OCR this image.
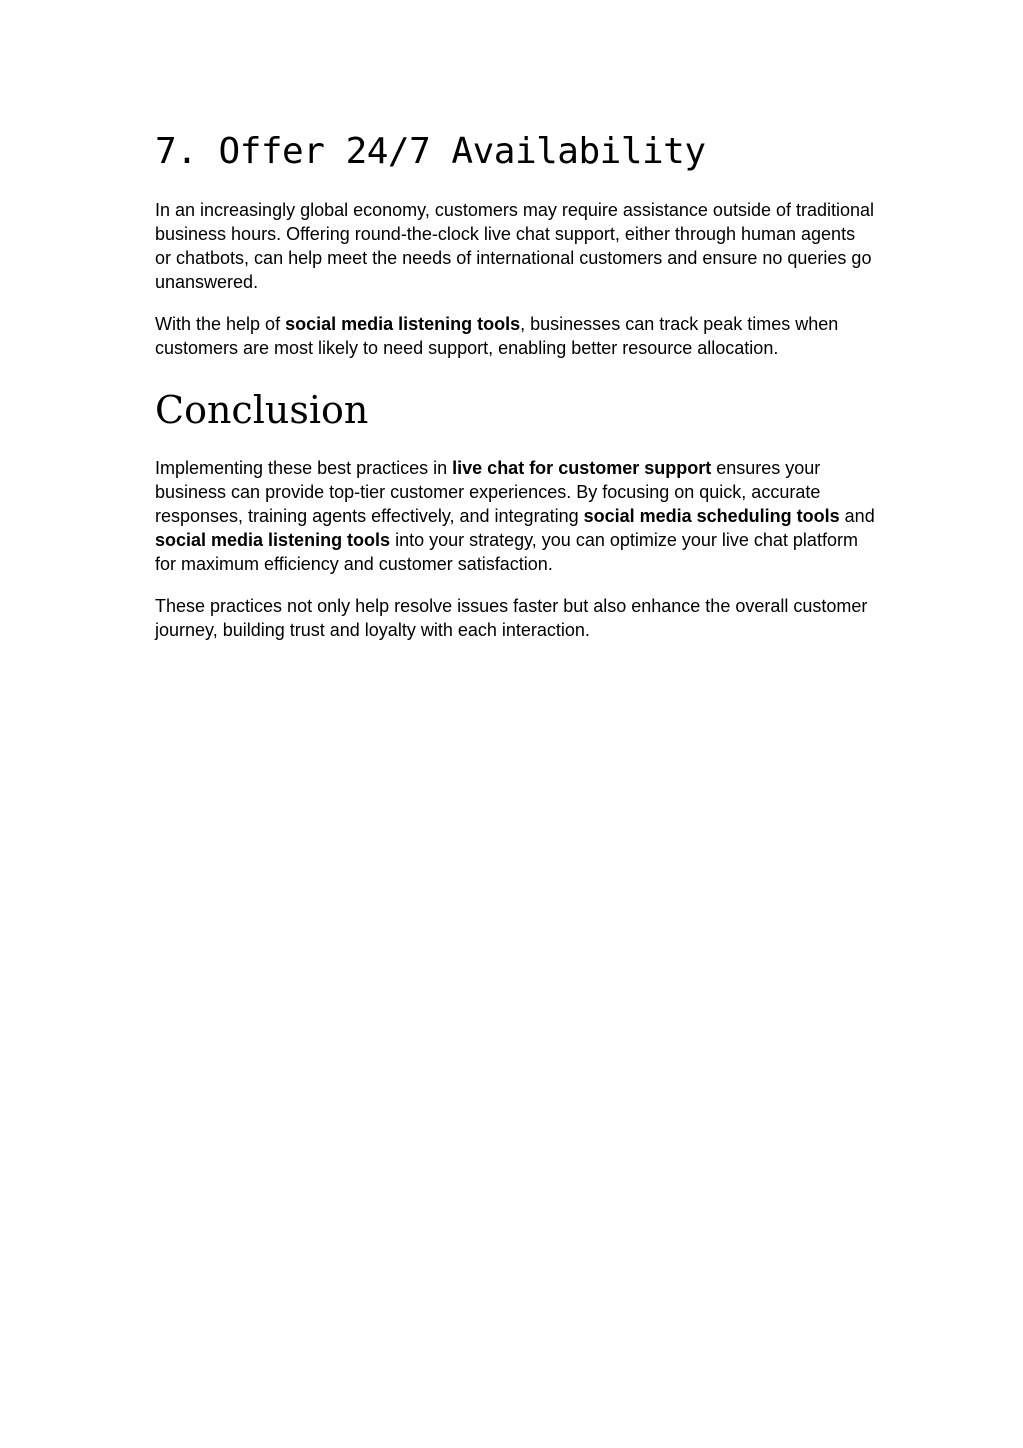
7. Offer 24/7 Availability

In an increasingly global economy, customers may require assistance outside of traditional business hours. Offering round-the-clock live chat support, either through human agents or chatbots, can help meet the needs of international customers and ensure no queries go unanswered.

With the help of social media listening tools, businesses can track peak times when customers are most likely to need support, enabling better resource allocation.

Conclusion

Implementing these best practices in live chat for customer support ensures your business can provide top-tier customer experiences. By focusing on quick, accurate responses, training agents effectively, and integrating social media scheduling tools and social media listening tools into your strategy, you can optimize your live chat platform for maximum efficiency and customer satisfaction.

These practices not only help resolve issues faster but also enhance the overall customer journey, building trust and loyalty with each interaction.
